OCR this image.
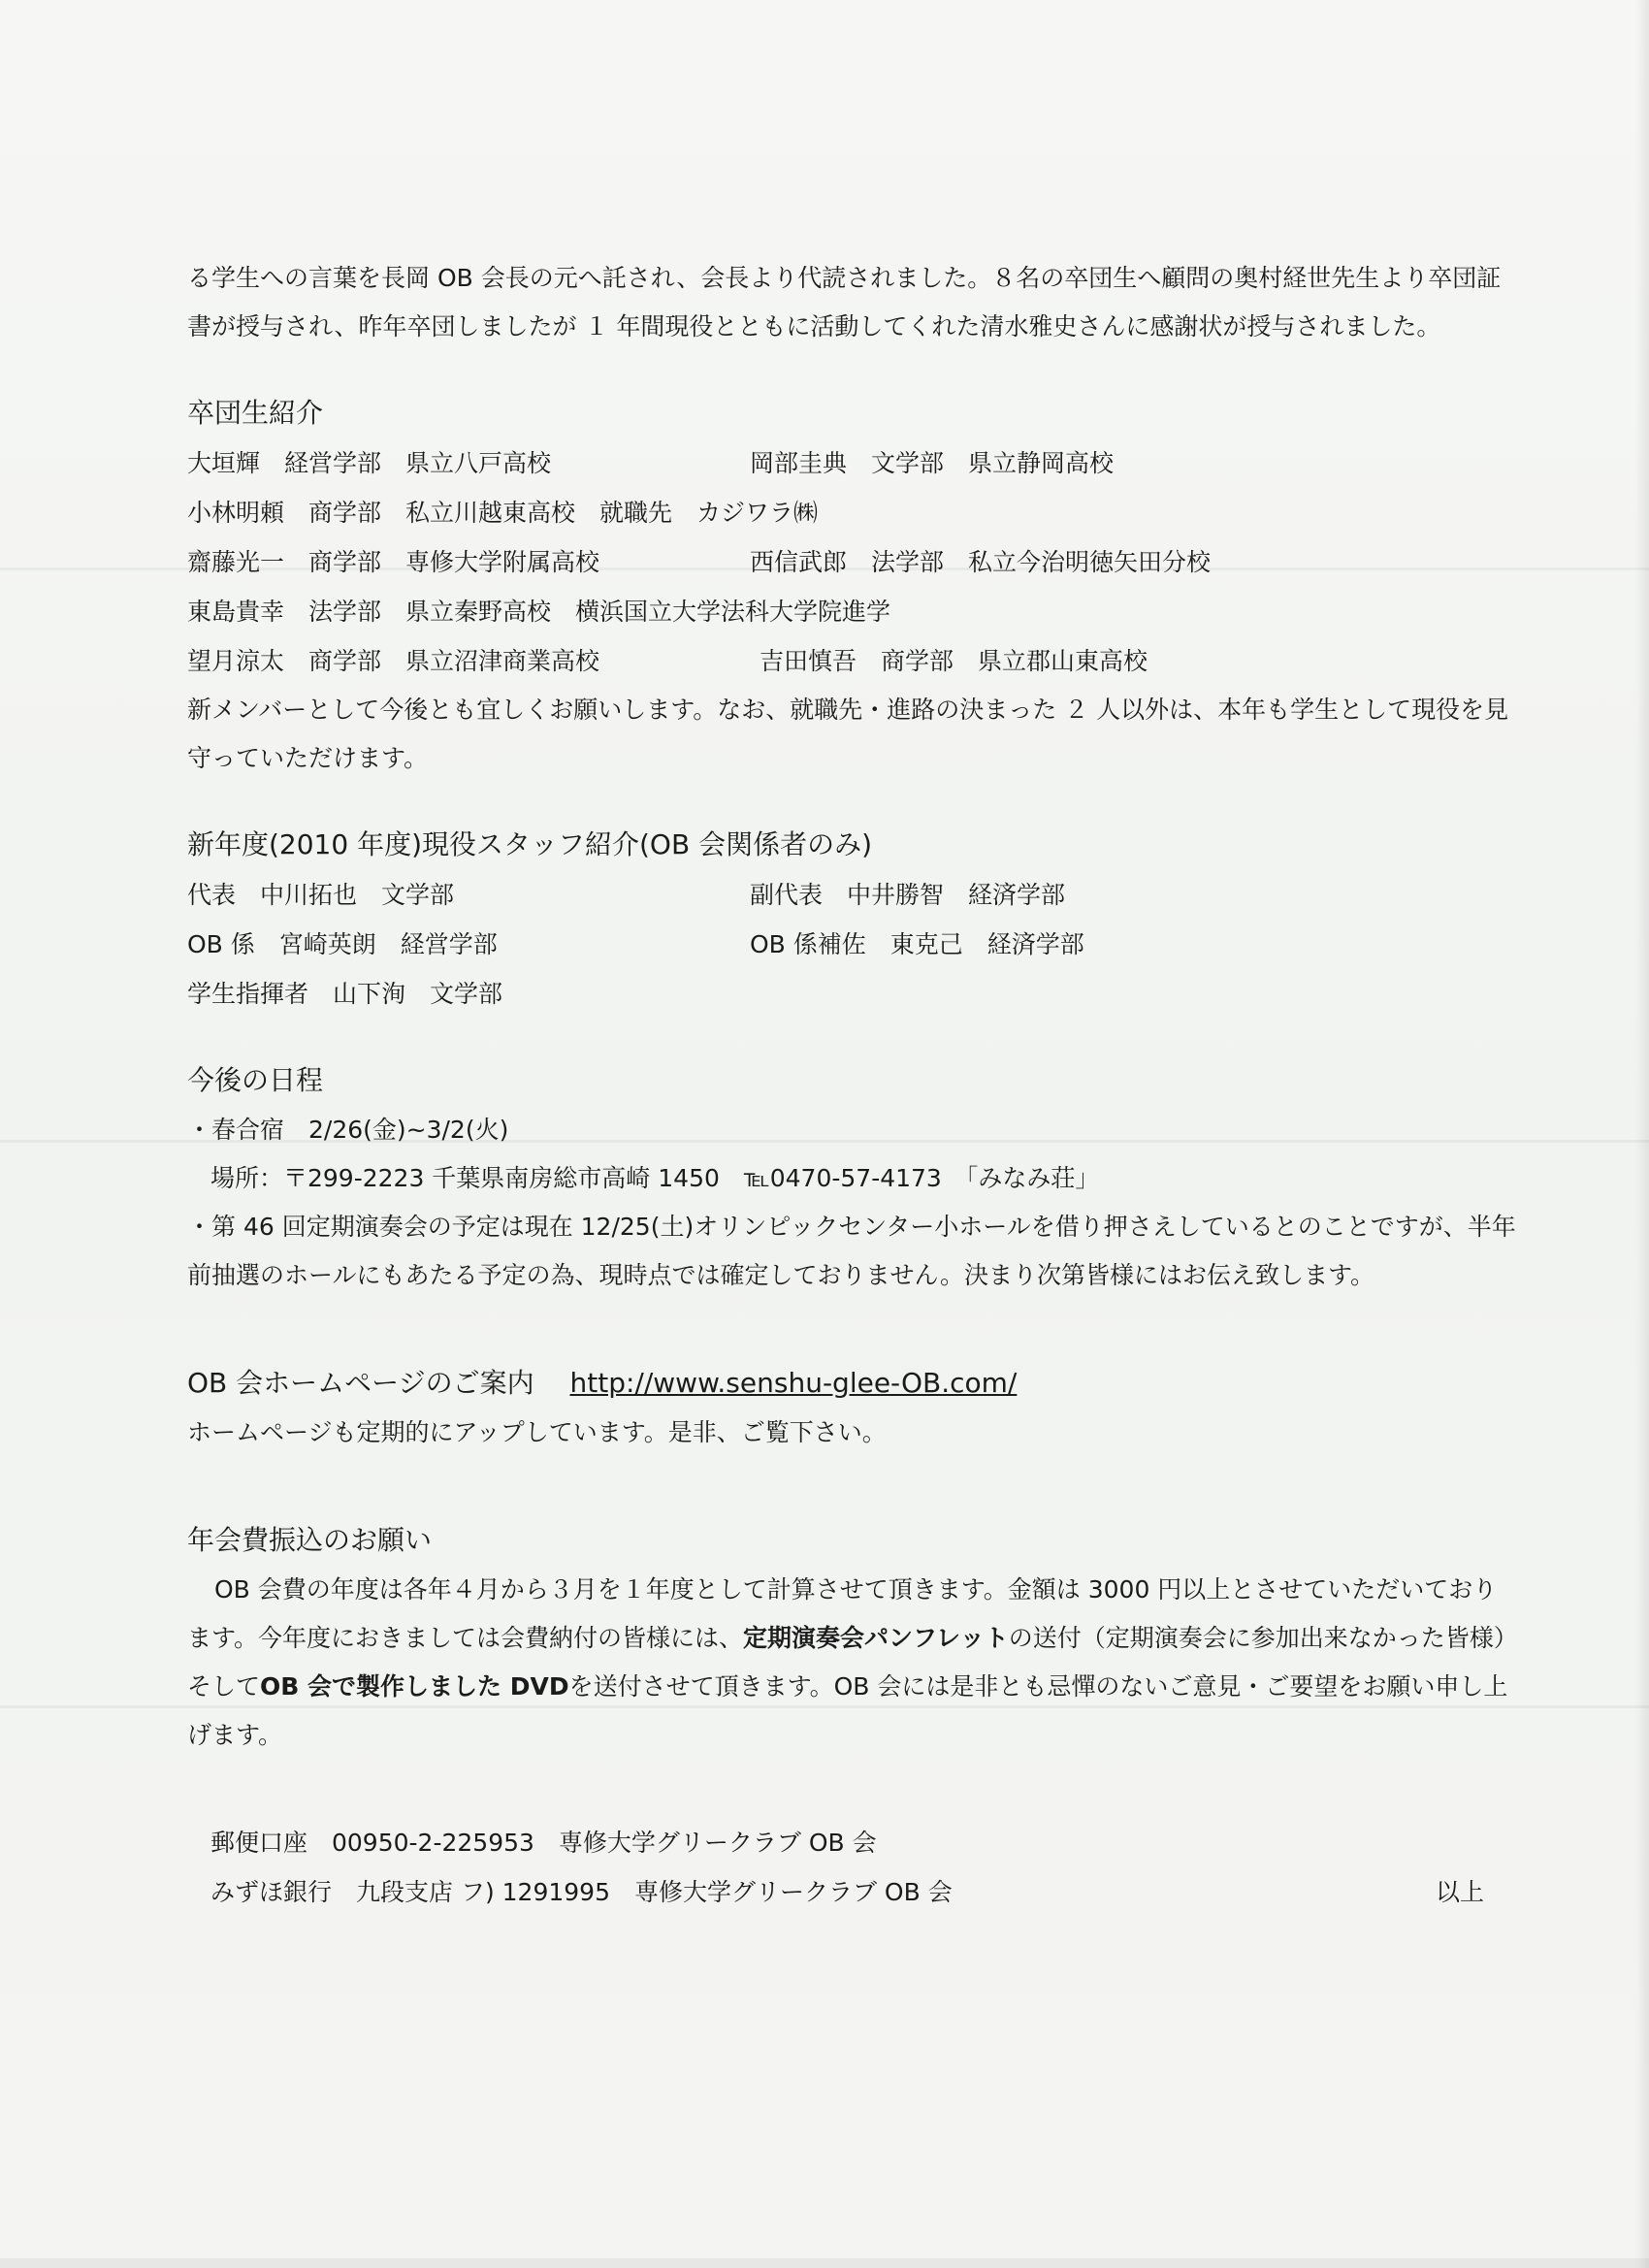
る学生への言葉を長岡 OB 会長の元へ託され、会長より代読されました。８名の卒団生へ顧問の奥村経世先生より卒団証書が授与され、昨年卒団しましたが １ 年間現役とともに活動してくれた清水雅史さんに感謝状が授与されました。

卒団生紹介
大垣輝　経営学部　県立八戸高校	岡部圭典　文学部　県立静岡高校
小林明頼　商学部　私立川越東高校　就職先　カジワラ㈱
齋藤光一　商学部　専修大学附属高校	西信武郎　法学部　私立今治明徳矢田分校
東島貴幸　法学部　県立秦野高校　横浜国立大学法科大学院進学
望月涼太　商学部　県立沼津商業高校	吉田慎吾　商学部　県立郡山東高校

新メンバーとして今後とも宜しくお願いします。なお、就職先・進路の決まった ２ 人以外は、本年も学生として現役を見守っていただけます。

新年度(2010 年度)現役スタッフ紹介(OB 会関係者のみ)
代表　中川拓也　文学部	副代表　中井勝智　経済学部
OB 係　宮崎英朗　経営学部	OB 係補佐　東克己　経済学部
学生指揮者　山下洵　文学部
今後の日程

・春合宿　2/26(金)~3/2(火)

場所：〒299-2223 千葉県南房総市高崎 1450　℡0470-57-4173　「みなみ荘」

・第 46 回定期演奏会の予定は現在 12/25(土)オリンピックセンター小ホールを借り押さえしているとのことですが、半年前抽選のホールにもあたる予定の為、現時点では確定しておりません。決まり次第皆様にはお伝え致します。

OB 会ホームページのご案内 http://www.senshu-glee-OB.com/

ホームページも定期的にアップしています。是非、ご覧下さい。

年会費振込のお願い

OB 会費の年度は各年４月から３月を１年度として計算させて頂きます。金額は 3000 円以上とさせていただいております。今年度におきましては会費納付の皆様には、定期演奏会パンフレットの送付（定期演奏会に参加出来なかった皆様）そしてOB 会で製作しました DVDを送付させて頂きます。OB 会には是非とも忌憚のないご意見・ご要望をお願い申し上げます。

郵便口座　00950-2-225953　専修大学グリークラブ OB 会
みずほ銀行　九段支店 フ) 1291995　専修大学グリークラブ OB 会	以上
